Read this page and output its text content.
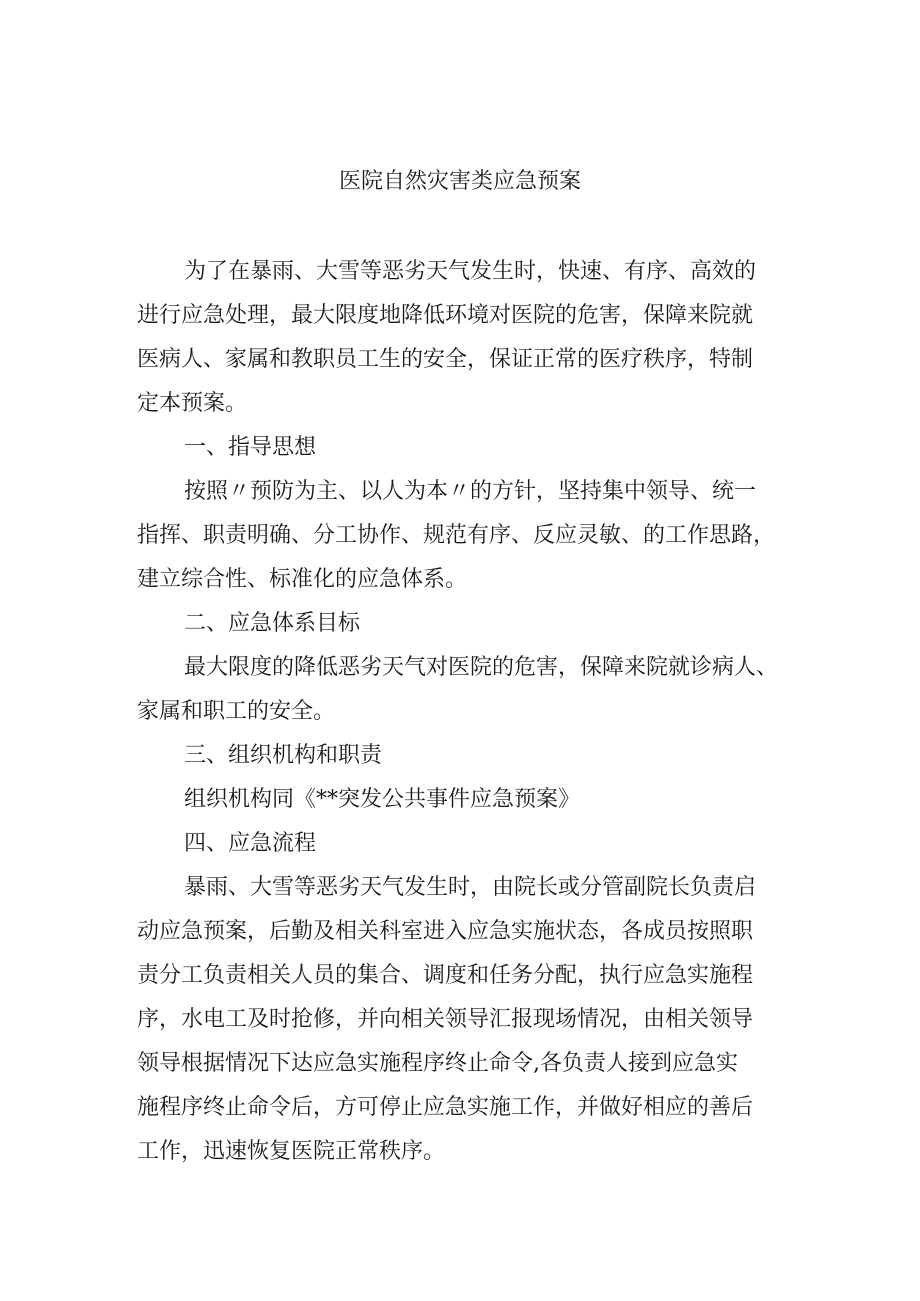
医院自然灾害类应急预案
为了在暴雨、大雪等恶劣天气发生时，快速、有序、高效的
进行应急处理，最大限度地降低环境对医院的危害，保障来院就
医病人、家属和教职员工生的安全，保证正常的医疗秩序，特制
定本预案。
一、指导思想
按照〃预防为主、以人为本〃的方针，坚持集中领导、统一
指挥、职责明确、分工协作、规范有序、反应灵敏、的工作思路，
建立综合性、标准化的应急体系。
二、应急体系目标
最大限度的降低恶劣天气对医院的危害，保障来院就诊病人、
家属和职工的安全。
三、组织机构和职责
组织机构同《**突发公共事件应急预案》
四、应急流程
暴雨、大雪等恶劣天气发生时，由院长或分管副院长负责启
动应急预案，后勤及相关科室进入应急实施状态，各成员按照职
责分工负责相关人员的集合、调度和任务分配，执行应急实施程
序，水电工及时抢修，并向相关领导汇报现场情况，由相关领导
领导根据情况下达应急实施程序终止命令,各负责人接到应急实
施程序终止命令后，方可停止应急实施工作，并做好相应的善后
工作，迅速恢复医院正常秩序。
